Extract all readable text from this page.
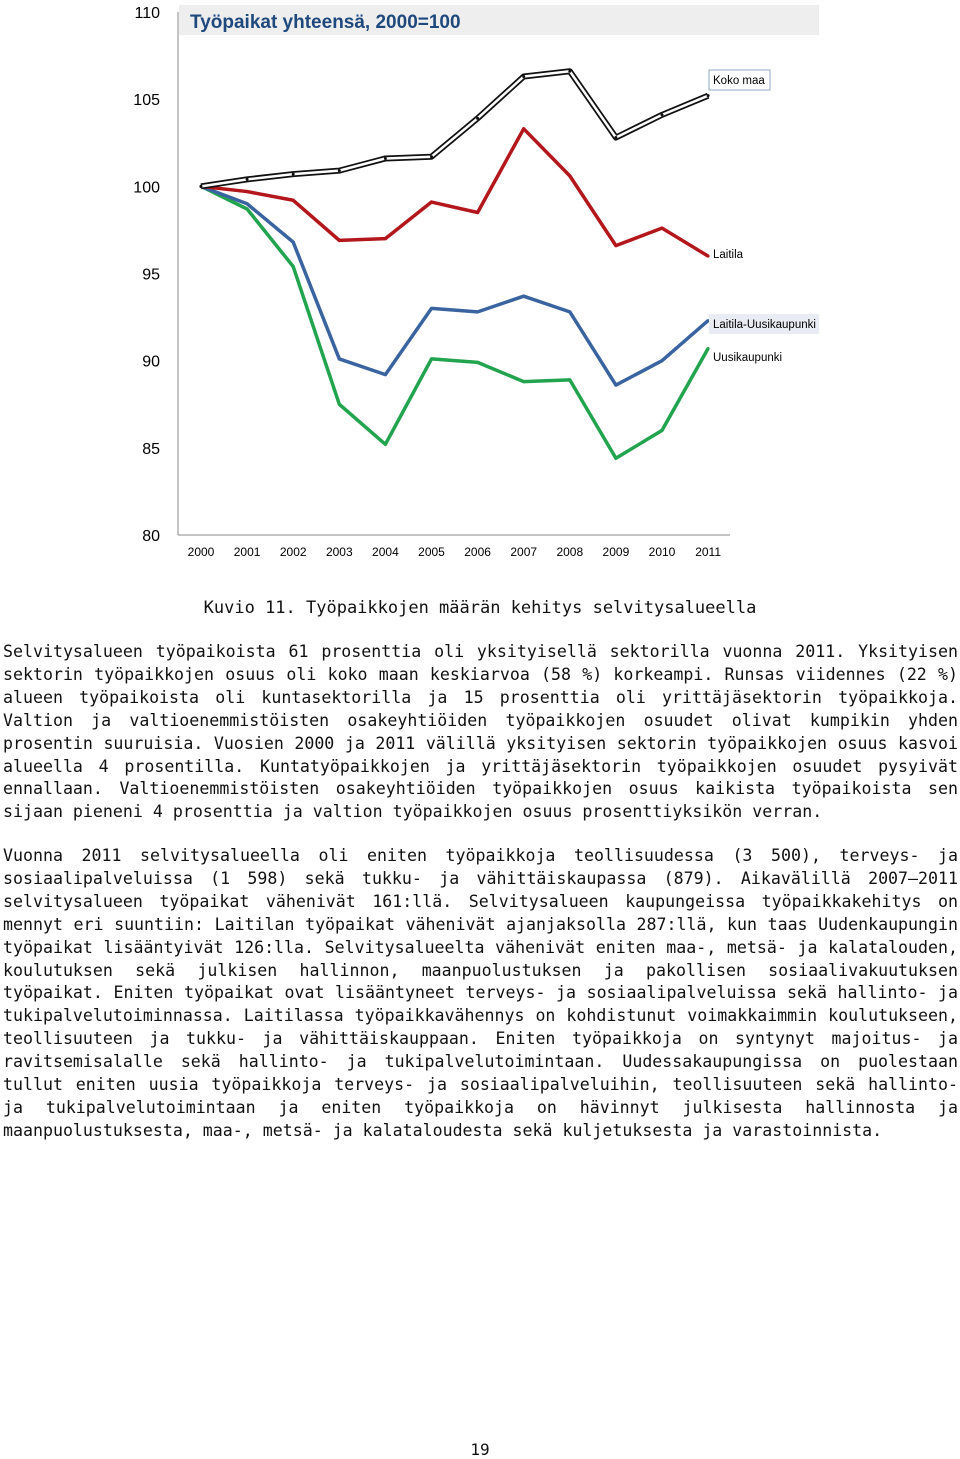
Työpaikat yhteensä, 2000=100
110
105
100
95
90
85
80
2000 2001 2002 2003 2004 2005 2006 2007 2008 2009 2010 2011
Koko maa
Laitila
Laitila-Uusikaupunki
Uusikaupunki
Kuvio 11. Työpaikkojen määrän kehitys selvitysalueella

Selvitysalueen työpaikoista 61 prosenttia oli yksityisellä sektorilla vuonna 2011. Yksityisen sektorin työpaikkojen osuus oli koko maan keskiarvoa (58 %) korkeampi. Runsas viidennes (22 %) alueen työpaikoista oli kuntasektorilla ja 15 prosenttia oli yrittäjäsektorin työpaikkoja. Valtion ja valtioenemmistöisten osakeyhtiöiden työpaikkojen osuudet olivat kumpikin yhden prosentin suuruisia. Vuosien 2000 ja 2011 välillä yksityisen sektorin työpaikkojen osuus kasvoi alueella 4 prosentilla. Kuntatyöpaikkojen ja yrittäjäsektorin työpaikkojen osuudet pysyivät ennallaan. Valtioenemmistöisten osakeyhtiöiden työpaikkojen osuus kaikista työpaikoista sen sijaan pieneni 4 prosenttia ja valtion työpaikkojen osuus prosenttiyksikön verran.

Vuonna 2011 selvitysalueella oli eniten työpaikkoja teollisuudessa (3 500), terveys- ja sosiaalipalveluissa (1 598) sekä tukku- ja vähittäiskaupassa (879). Aikavälillä 2007–2011 selvitysalueen työpaikat vähenivät 161:llä. Selvitysalueen kaupungeissa työpaikkakehitys on mennyt eri suuntiin: Laitilan työpaikat vähenivät ajanjaksolla 287:llä, kun taas Uudenkaupungin työpaikat lisääntyivät 126:lla. Selvitysalueelta vähenivät eniten maa-, metsä- ja kalatalouden, koulutuksen sekä julkisen hallinnon, maanpuolustuksen ja pakollisen sosiaalivakuutuksen työpaikat. Eniten työpaikat ovat lisääntyneet terveys- ja sosiaalipalveluissa sekä hallinto- ja tukipalvelutoiminnassa. Laitilassa työpaikkavähennys on kohdistunut voimakkaimmin koulutukseen, teollisuuteen ja tukku- ja vähittäiskauppaan. Eniten työpaikkoja on syntynyt majoitus- ja ravitsemisalalle sekä hallinto- ja tukipalvelutoimintaan. Uudessakaupungissa on puolestaan tullut eniten uusia työpaikkoja terveys- ja sosiaalipalveluihin, teollisuuteen sekä hallinto- ja tukipalvelutoimintaan ja eniten työpaikkoja on hävinnyt julkisesta hallinnosta ja maanpuolustuksesta, maa-, metsä- ja kalataloudesta sekä kuljetuksesta ja varastoinnista.

19
